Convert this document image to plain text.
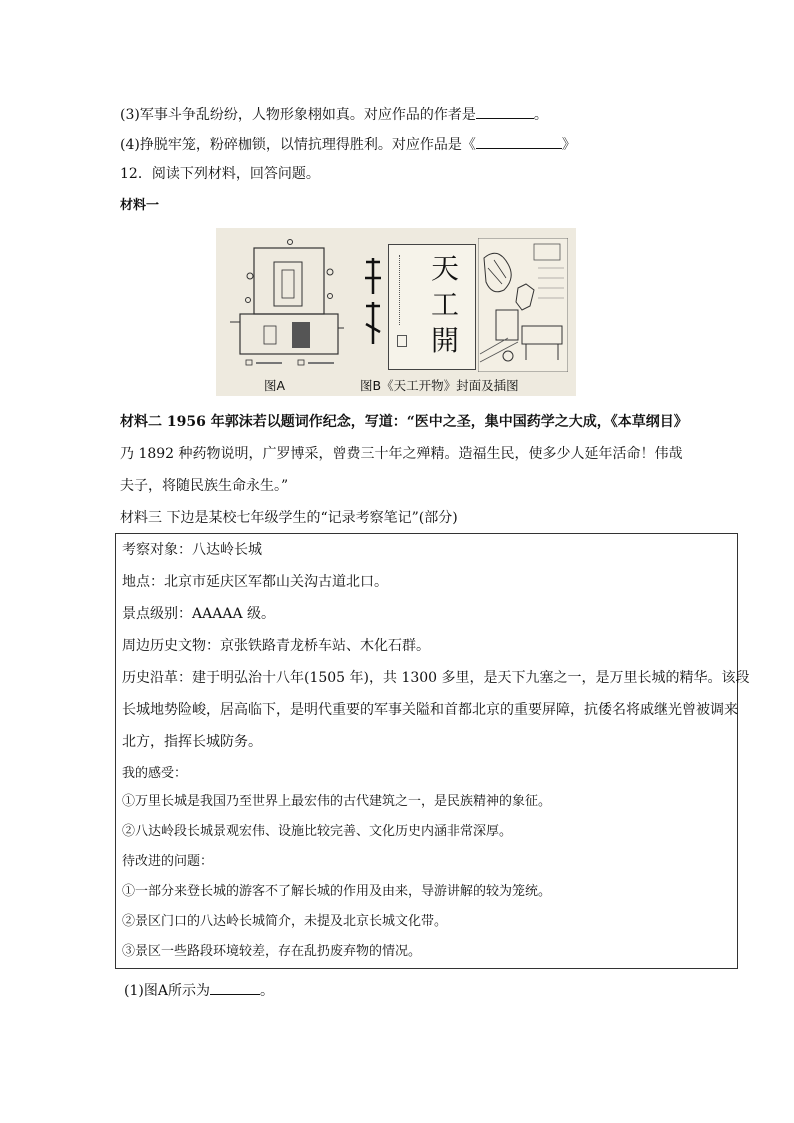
(3)军事斗争乱纷纷，人物形象栩如真。对应作品的作者是	。
(4)挣脱牢笼，粉碎枷锁，以情抗理得胜利。对应作品是《	》
12．阅读下列材料，回答问题。
材料一
天
工
開
图A	图B《天工开物》封面及插图
材料二 1956 年郭沫若以题词作纪念，写道：“医中之圣，集中国药学之大成，《本草纲目》
乃 1892 种药物说明，广罗博采，曾费三十年之殚精。造福生民，使多少人延年活命！伟哉
夫子，将随民族生命永生。”
材料三 下边是某校七年级学生的“记录考察笔记”(部分)
考察对象：八达岭长城
地点：北京市延庆区军都山关沟古道北口。
景点级别：AAAAA 级。
周边历史文物：京张铁路青龙桥车站、木化石群。
历史沿革：建于明弘治十八年(1505 年)，共 1300 多里，是天下九塞之一，是万里长城的精华。该段
长城地势险峻，居高临下，是明代重要的军事关隘和首都北京的重要屏障，抗倭名将戚继光曾被调来
北方，指挥长城防务。
我的感受：
①万里长城是我国乃至世界上最宏伟的古代建筑之一，是民族精神的象征。
②八达岭段长城景观宏伟、设施比较完善、文化历史内涵非常深厚。
待改进的问题：
①一部分来登长城的游客不了解长城的作用及由来，导游讲解的较为笼统。
②景区门口的八达岭长城简介，未提及北京长城文化带。
③景区一些路段环境较差，存在乱扔废弃物的情况。
(1)图A所示为	。
